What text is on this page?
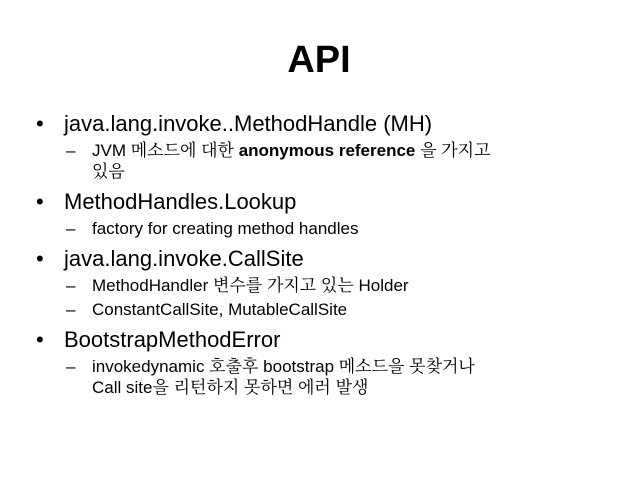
API
• java.lang.invoke..MethodHandle (MH)
– JVM 메소드에 대한 anonymous reference 을 가지고
있음
• MethodHandles.Lookup
– factory for creating method handles
• java.lang.invoke.CallSite
– MethodHandler 변수를 가지고 있는 Holder
– ConstantCallSite, MutableCallSite
• BootstrapMethodError
– invokedynamic 호출후 bootstrap 메소드을 못찾거나
Call site을 리턴하지 못하면 에러 발생
